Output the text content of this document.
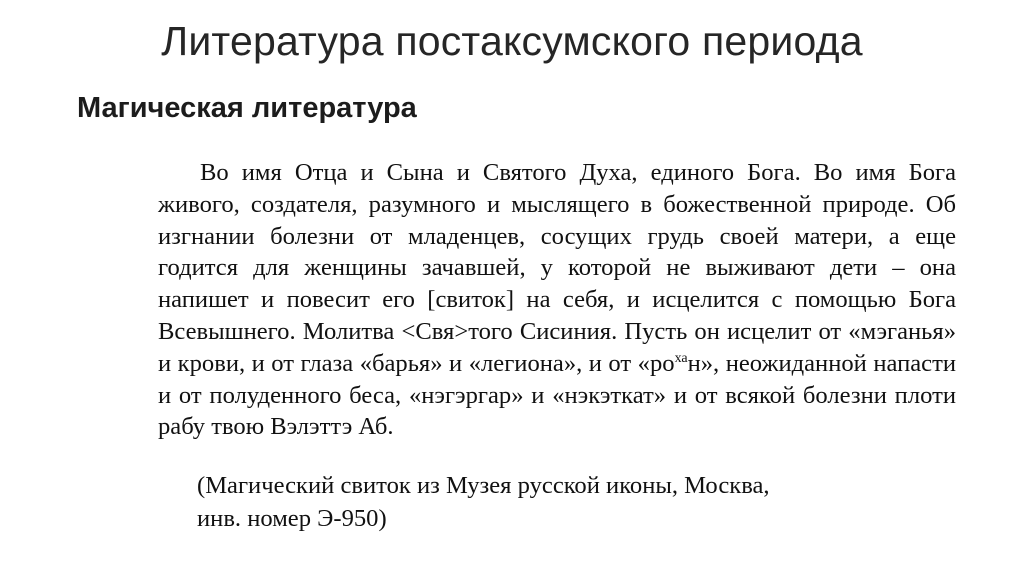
Литература постаксумского периода
Магическая литература

Во имя Отца и Сына и Святого Духа, единого Бога. Во имя Бога живого, создателя, разумного и мыслящего в божественной природе. Об изгнании болезни от младенцев, сосущих грудь своей матери, а еще годится для женщины зачавшей, у которой не выживают дети – она напишет и повесит его [свиток] на себя, и исцелится с помощью Бога Всевышнего. Молитва <Свя>того Сисиния. Пусть он исцелит от «мэганья» и крови, и от глаза «барья» и «легиона», и от «$ро^{ха}н$», неожиданной напасти и от полуденного беса, «нэгэргар» и «нэкэткат» и от всякой болезни плоти рабу твою Вэлэттэ Аб.

(Магический свиток из Музея русской иконы, Москва,
инв. номер Э-950)
